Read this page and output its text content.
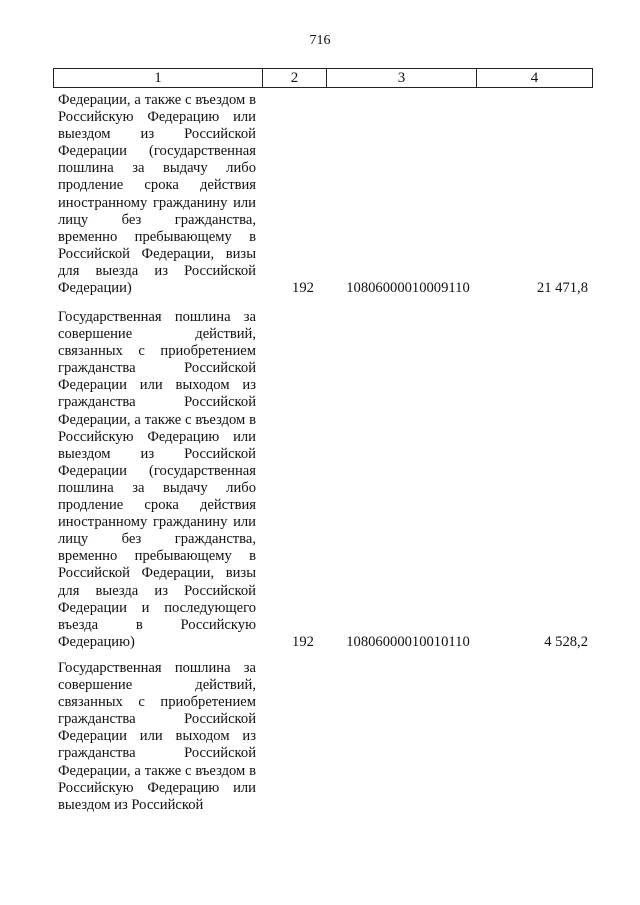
716
1	2	3	4
Федерации, а также с въездом в
Российскую Федерацию или
выездом из Российской
Федерации (государственная
пошлина за выдачу либо
продление срока действия
иностранному гражданину или
лицу без гражданства,
временно пребывающему в
Российской Федерации, визы
для выезда из Российской
Федерации)	192	10806000010009110	21 471,8
Государственная пошлина за
совершение действий,
связанных с приобретением
гражданства Российской
Федерации или выходом из
гражданства Российской
Федерации, а также с въездом в
Российскую Федерацию или
выездом из Российской
Федерации (государственная
пошлина за выдачу либо
продление срока действия
иностранному гражданину или
лицу без гражданства,
временно пребывающему в
Российской Федерации, визы
для выезда из Российской
Федерации и последующего
въезда в Российскую
Федерацию)	192	10806000010010110	4 528,2
Государственная пошлина за
совершение действий,
связанных с приобретением
гражданства Российской
Федерации или выходом из
гражданства Российской
Федерации, а также с въездом в
Российскую Федерацию или
выездом из Российской
